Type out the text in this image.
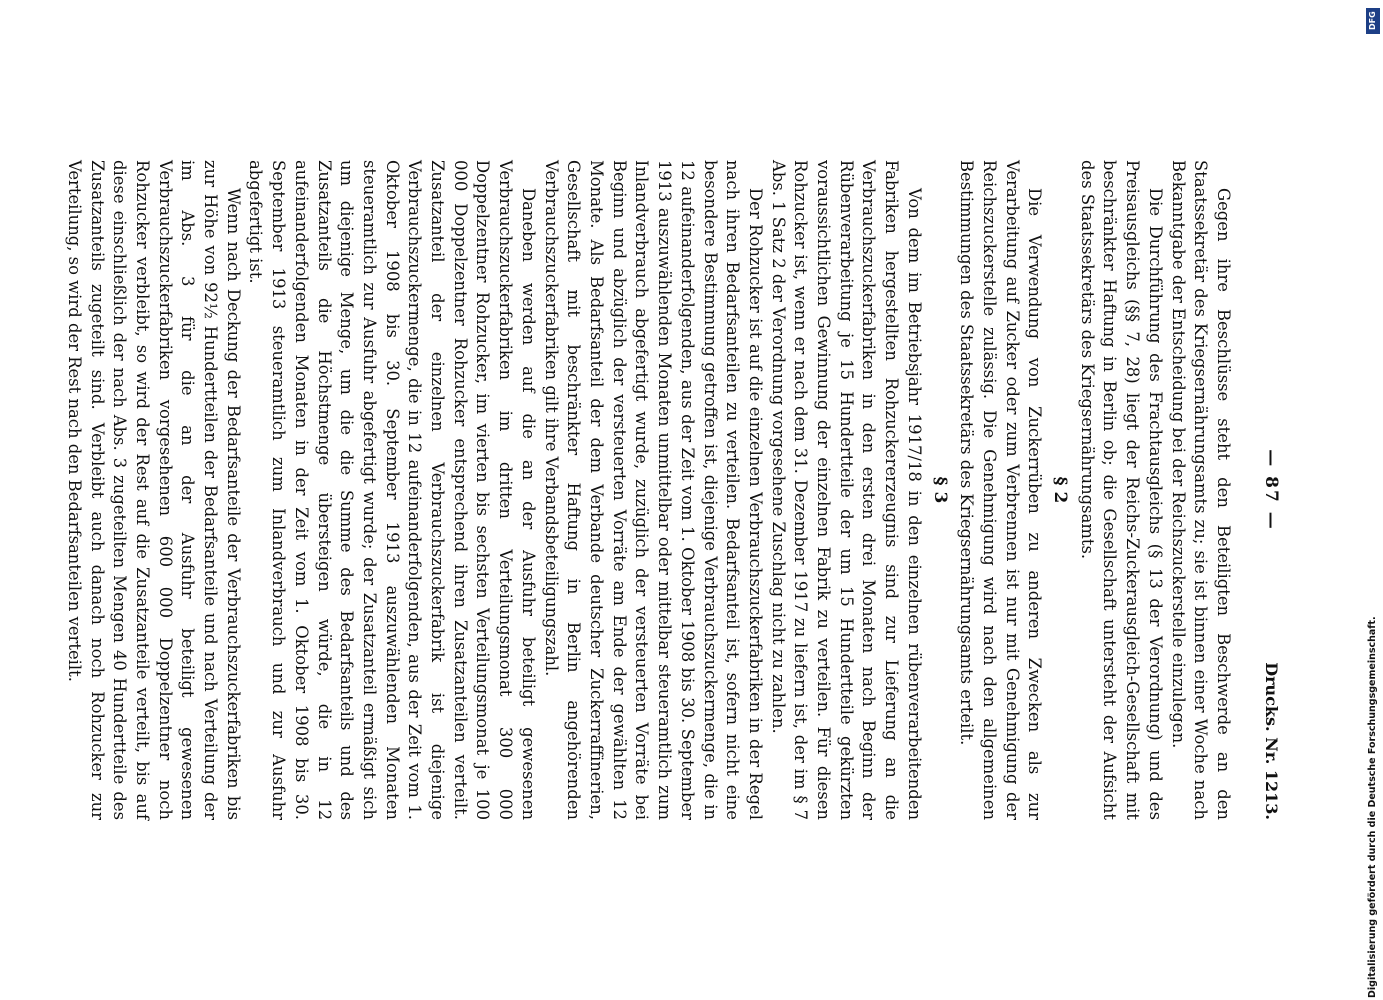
— 87 —
Drucks. Nr. 1213.

Gegen ihre Beschlüsse steht den Beteiligten Beschwerde an den Staatssekretär des Kriegsernährungsamts zu; sie ist binnen einer Woche nach Bekanntgabe der Entscheidung bei der Reichszuckerstelle einzulegen.

Die Durchführung des Frachtausgleichs (§ 13 der Verordnung) und des Preisausgleichs (§§ 7, 28) liegt der Reichs-Zuckerausgleich-Gesellschaft mit beschränkter Haftung in Berlin ob; die Gesellschaft untersteht der Aufsicht des Staatssekretärs des Kriegsernährungsamts.

§ 2

Die Verwendung von Zuckerrüben zu anderen Zwecken als zur Verarbeitung auf Zucker oder zum Verbrennen ist nur mit Genehmigung der Reichszuckerstelle zulässig. Die Genehmigung wird nach den allgemeinen Bestimmungen des Staatssekretärs des Kriegsernährungsamts erteilt.

§ 3

Von dem im Betriebsjahr 1917/18 in den einzelnen rübenverarbeitenden Fabriken hergestellten Rohzuckererzeugnis sind zur Lieferung an die Verbrauchszuckerfabriken in den ersten drei Monaten nach Beginn der Rübenverarbeitung je 15 Hundertteile der um 15 Hundertteile gekürzten voraussichtlichen Gewinnung der einzelnen Fabrik zu verteilen. Für diesen Rohzucker ist, wenn er nach dem 31. Dezember 1917 zu liefern ist, der im § 7 Abs. 1 Satz 2 der Verordnung vorgesehene Zuschlag nicht zu zahlen.

Der Rohzucker ist auf die einzelnen Verbrauchszuckerfabriken in der Regel nach ihren Bedarfsanteilen zu verteilen. Bedarfsanteil ist, sofern nicht eine besondere Bestimmung getroffen ist, diejenige Verbrauchszuckermenge, die in 12 aufeinanderfolgenden, aus der Zeit vom 1. Oktober 1908 bis 30. September 1913 auszuwählenden Monaten unmittelbar oder mittelbar steueramtlich zum Inlandverbrauch abgefertigt wurde, zuzüglich der versteuerten Vorräte bei Beginn und abzüglich der versteuerten Vorräte am Ende der gewählten 12 Monate. Als Bedarfsanteil der dem Verbande deutscher Zuckerraffinerien, Gesellschaft mit beschränkter Haftung in Berlin angehörenden Verbrauchszuckerfabriken gilt ihre Verbandsbeteiligungszahl.

Daneben werden auf die an der Ausfuhr beteiligt gewesenen Verbrauchszuckerfabriken im dritten Verteilungsmonat 300 000 Doppelzentner Rohzucker, im vierten bis sechsten Verteilungsmonat je 100 000 Doppelzentner Rohzucker entsprechend ihren Zusatzanteilen verteilt. Zusatzanteil der einzelnen Verbrauchszuckerfabrik ist diejenige Verbrauchszuckermenge, die in 12 aufeinanderfolgenden, aus der Zeit vom 1. Oktober 1908 bis 30. September 1913 auszuwählenden Monaten steueramtlich zur Ausfuhr abgefertigt wurde; der Zusatzanteil ermäßigt sich um diejenige Menge, um die die Summe des Bedarfsanteils und des Zusatzanteils die Höchstmenge übersteigen würde, die in 12 aufeinanderfolgenden Monaten in der Zeit vom 1. Oktober 1908 bis 30. September 1913 steueramtlich zum Inlandverbrauch und zur Ausfuhr abgefertigt ist.

Wenn nach Deckung der Bedarfsanteile der Verbrauchszuckerfabriken bis zur Höhe von 92½ Hundertteilen der Bedarfsanteile und nach Verteilung der im Abs. 3 für die an der Ausfuhr beteiligt gewesenen Verbrauchszuckerfabriken vorgesehenen 600 000 Doppelzentner noch Rohzucker verbleibt, so wird der Rest auf die Zusatzanteile verteilt, bis auf diese einschließlich der nach Abs. 3 zugeteilten Mengen 40 Hundertteile des Zusatzanteils zugeteilt sind. Verbleibt auch danach noch Rohzucker zur Verteilung, so wird der Rest nach den Bedarfsanteilen verteilt.

DFG
Digitalisierung gefördert durch die Deutsche Forschungsgemeinschaft.
